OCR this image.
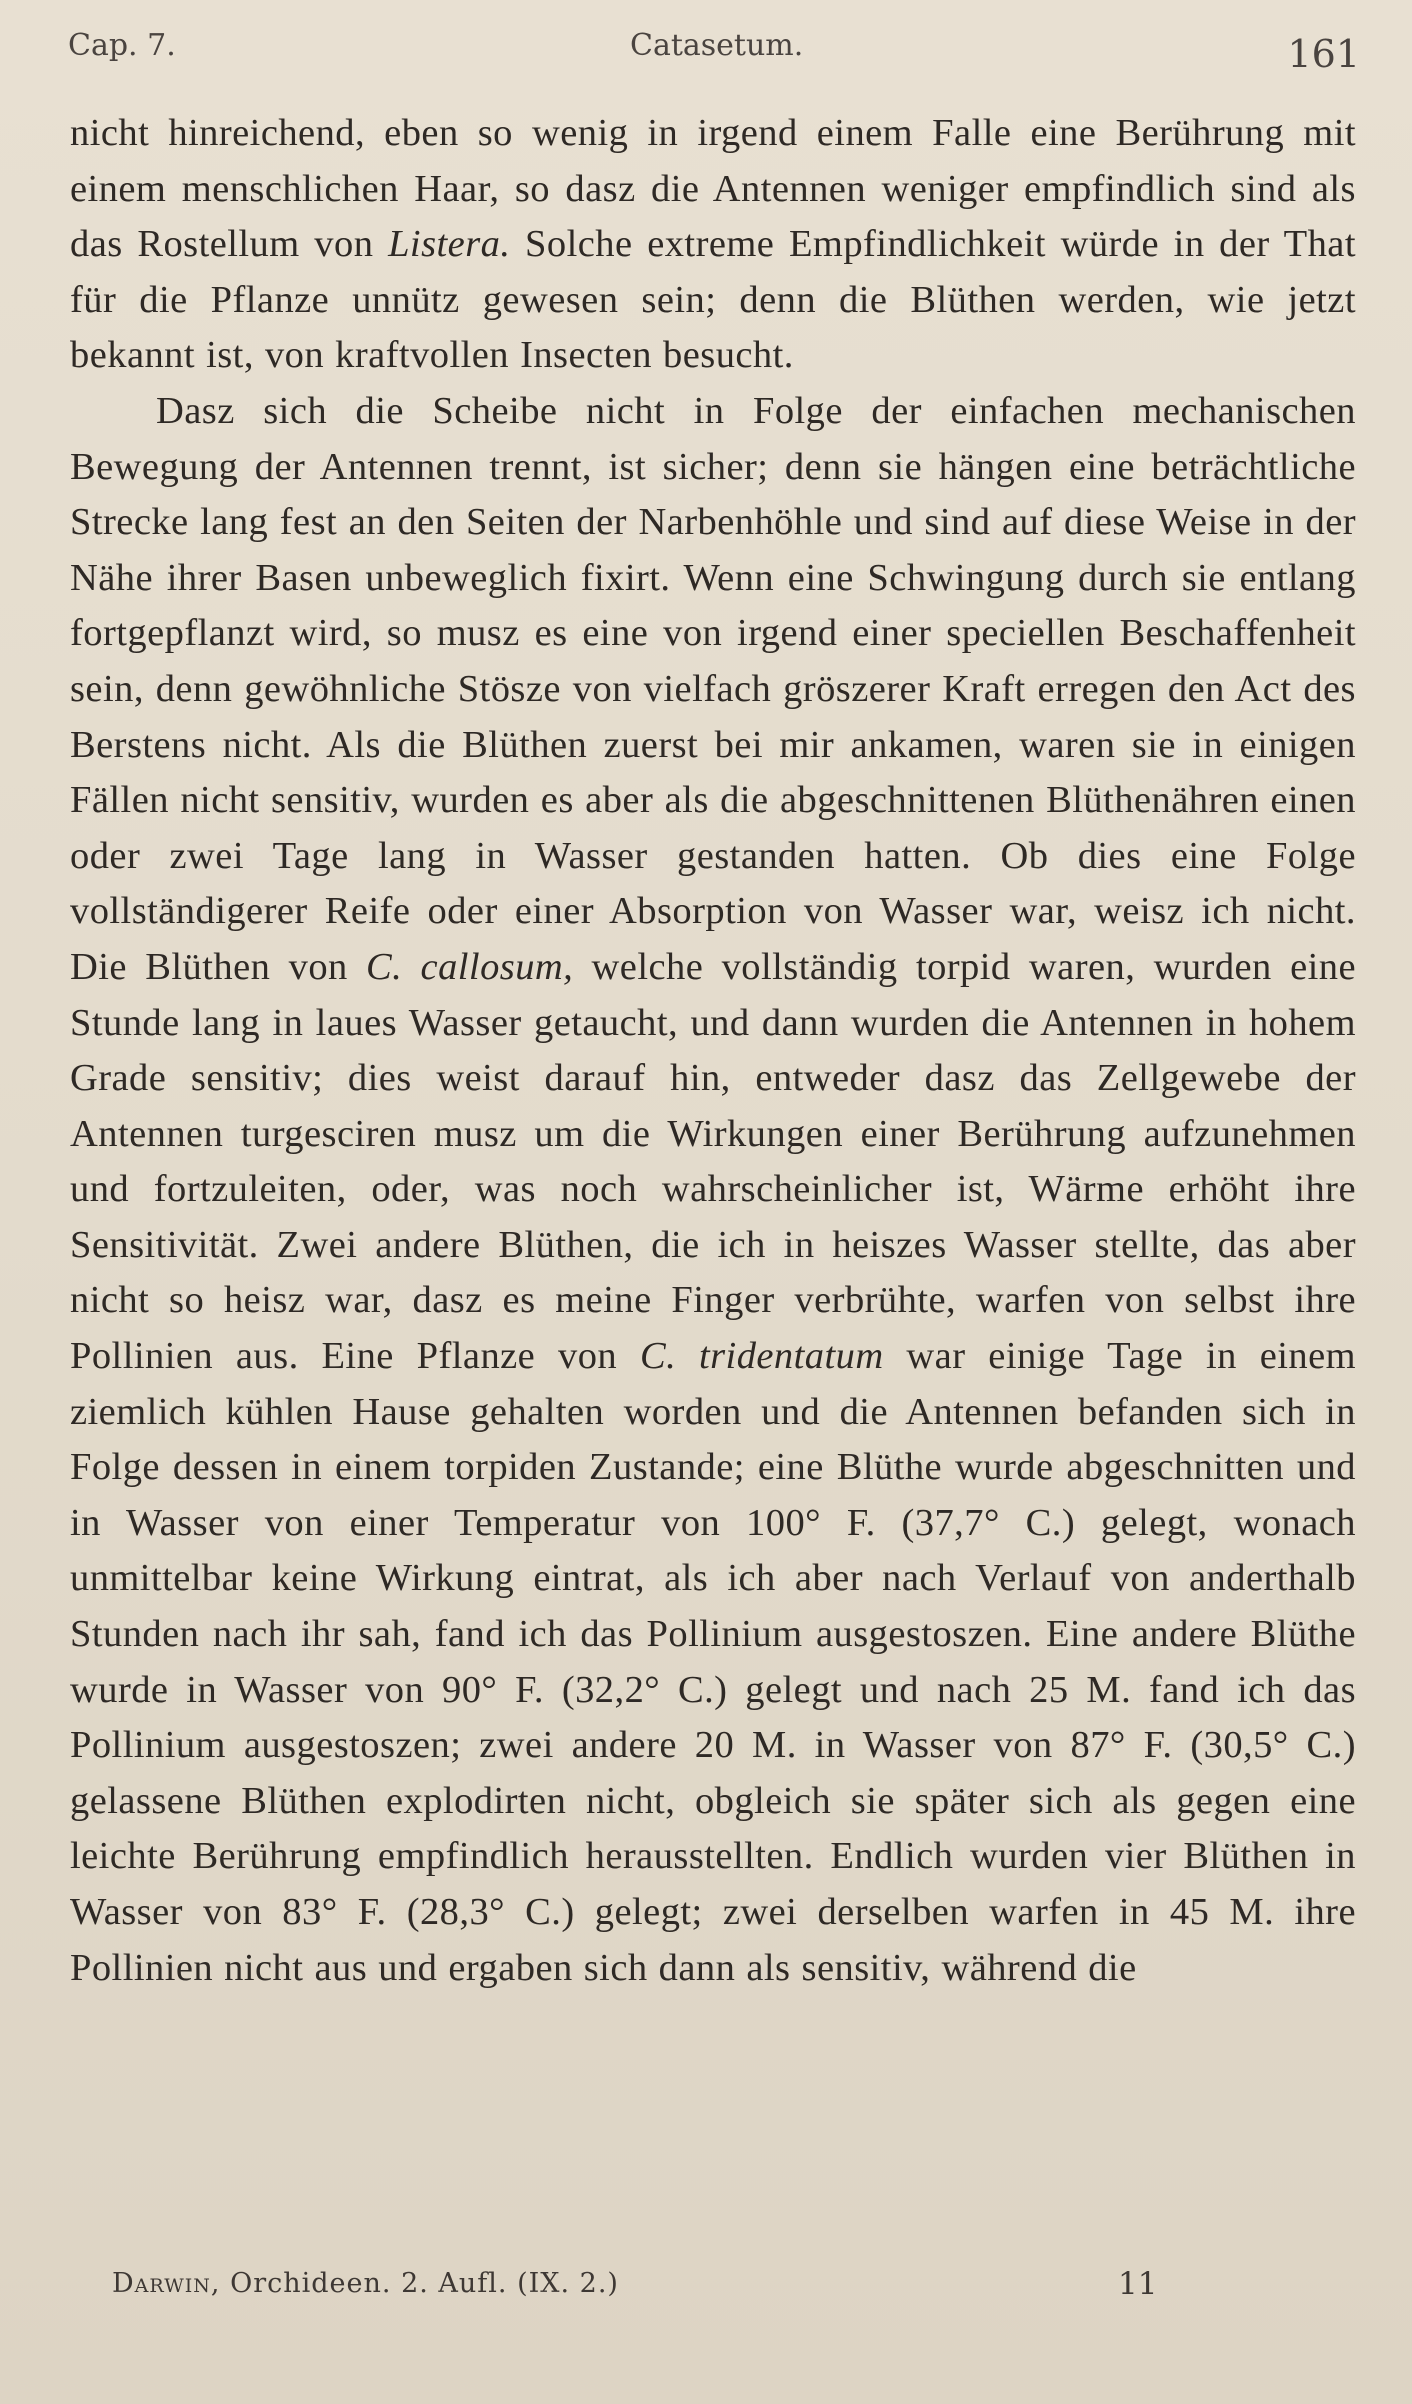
Cap. 7.	Catasetum.	161

nicht hinreichend, eben so wenig in irgend einem Falle eine Berührung mit einem menschlichen Haar, so dasz die Antennen weniger empfindlich sind als das Rostellum von Listera. Solche extreme Empfindlichkeit würde in der That für die Pflanze unnütz gewesen sein; denn die Blüthen werden, wie jetzt bekannt ist, von kraftvollen Insecten besucht.

Dasz sich die Scheibe nicht in Folge der einfachen mechanischen Bewegung der Antennen trennt, ist sicher; denn sie hängen eine beträchtliche Strecke lang fest an den Seiten der Narbenhöhle und sind auf diese Weise in der Nähe ihrer Basen unbeweglich fixirt. Wenn eine Schwingung durch sie entlang fortgepflanzt wird, so musz es eine von irgend einer speciellen Beschaffenheit sein, denn gewöhnliche Stösze von vielfach gröszerer Kraft erregen den Act des Berstens nicht. Als die Blüthen zuerst bei mir ankamen, waren sie in einigen Fällen nicht sensitiv, wurden es aber als die abgeschnittenen Blüthenähren einen oder zwei Tage lang in Wasser gestanden hatten. Ob dies eine Folge vollständigerer Reife oder einer Absorption von Wasser war, weisz ich nicht. Die Blüthen von C. callosum, welche vollständig torpid waren, wurden eine Stunde lang in laues Wasser getaucht, und dann wurden die Antennen in hohem Grade sensitiv; dies weist darauf hin, entweder dasz das Zellgewebe der Antennen turgesciren musz um die Wirkungen einer Berührung aufzunehmen und fortzuleiten, oder, was noch wahrscheinlicher ist, Wärme erhöht ihre Sensitivität. Zwei andere Blüthen, die ich in heiszes Wasser stellte, das aber nicht so heisz war, dasz es meine Finger verbrühte, warfen von selbst ihre Pollinien aus. Eine Pflanze von C. tridentatum war einige Tage in einem ziemlich kühlen Hause gehalten worden und die Antennen befanden sich in Folge dessen in einem torpiden Zustande; eine Blüthe wurde abgeschnitten und in Wasser von einer Temperatur von 100° F. (37,7° C.) gelegt, wonach unmittelbar keine Wirkung eintrat, als ich aber nach Verlauf von anderthalb Stunden nach ihr sah, fand ich das Pollinium ausgestoszen. Eine andere Blüthe wurde in Wasser von 90° F. (32,2° C.) gelegt und nach 25 M. fand ich das Pollinium ausgestoszen; zwei andere 20 M. in Wasser von 87° F. (30,5° C.) gelassene Blüthen explodirten nicht, obgleich sie später sich als gegen eine leichte Berührung empfindlich herausstellten. Endlich wurden vier Blüthen in Wasser von 83° F. (28,3° C.) gelegt; zwei derselben warfen in 45 M. ihre Pollinien nicht aus und ergaben sich dann als sensitiv, während die

Darwin, Orchideen. 2. Aufl. (IX. 2.)	11
